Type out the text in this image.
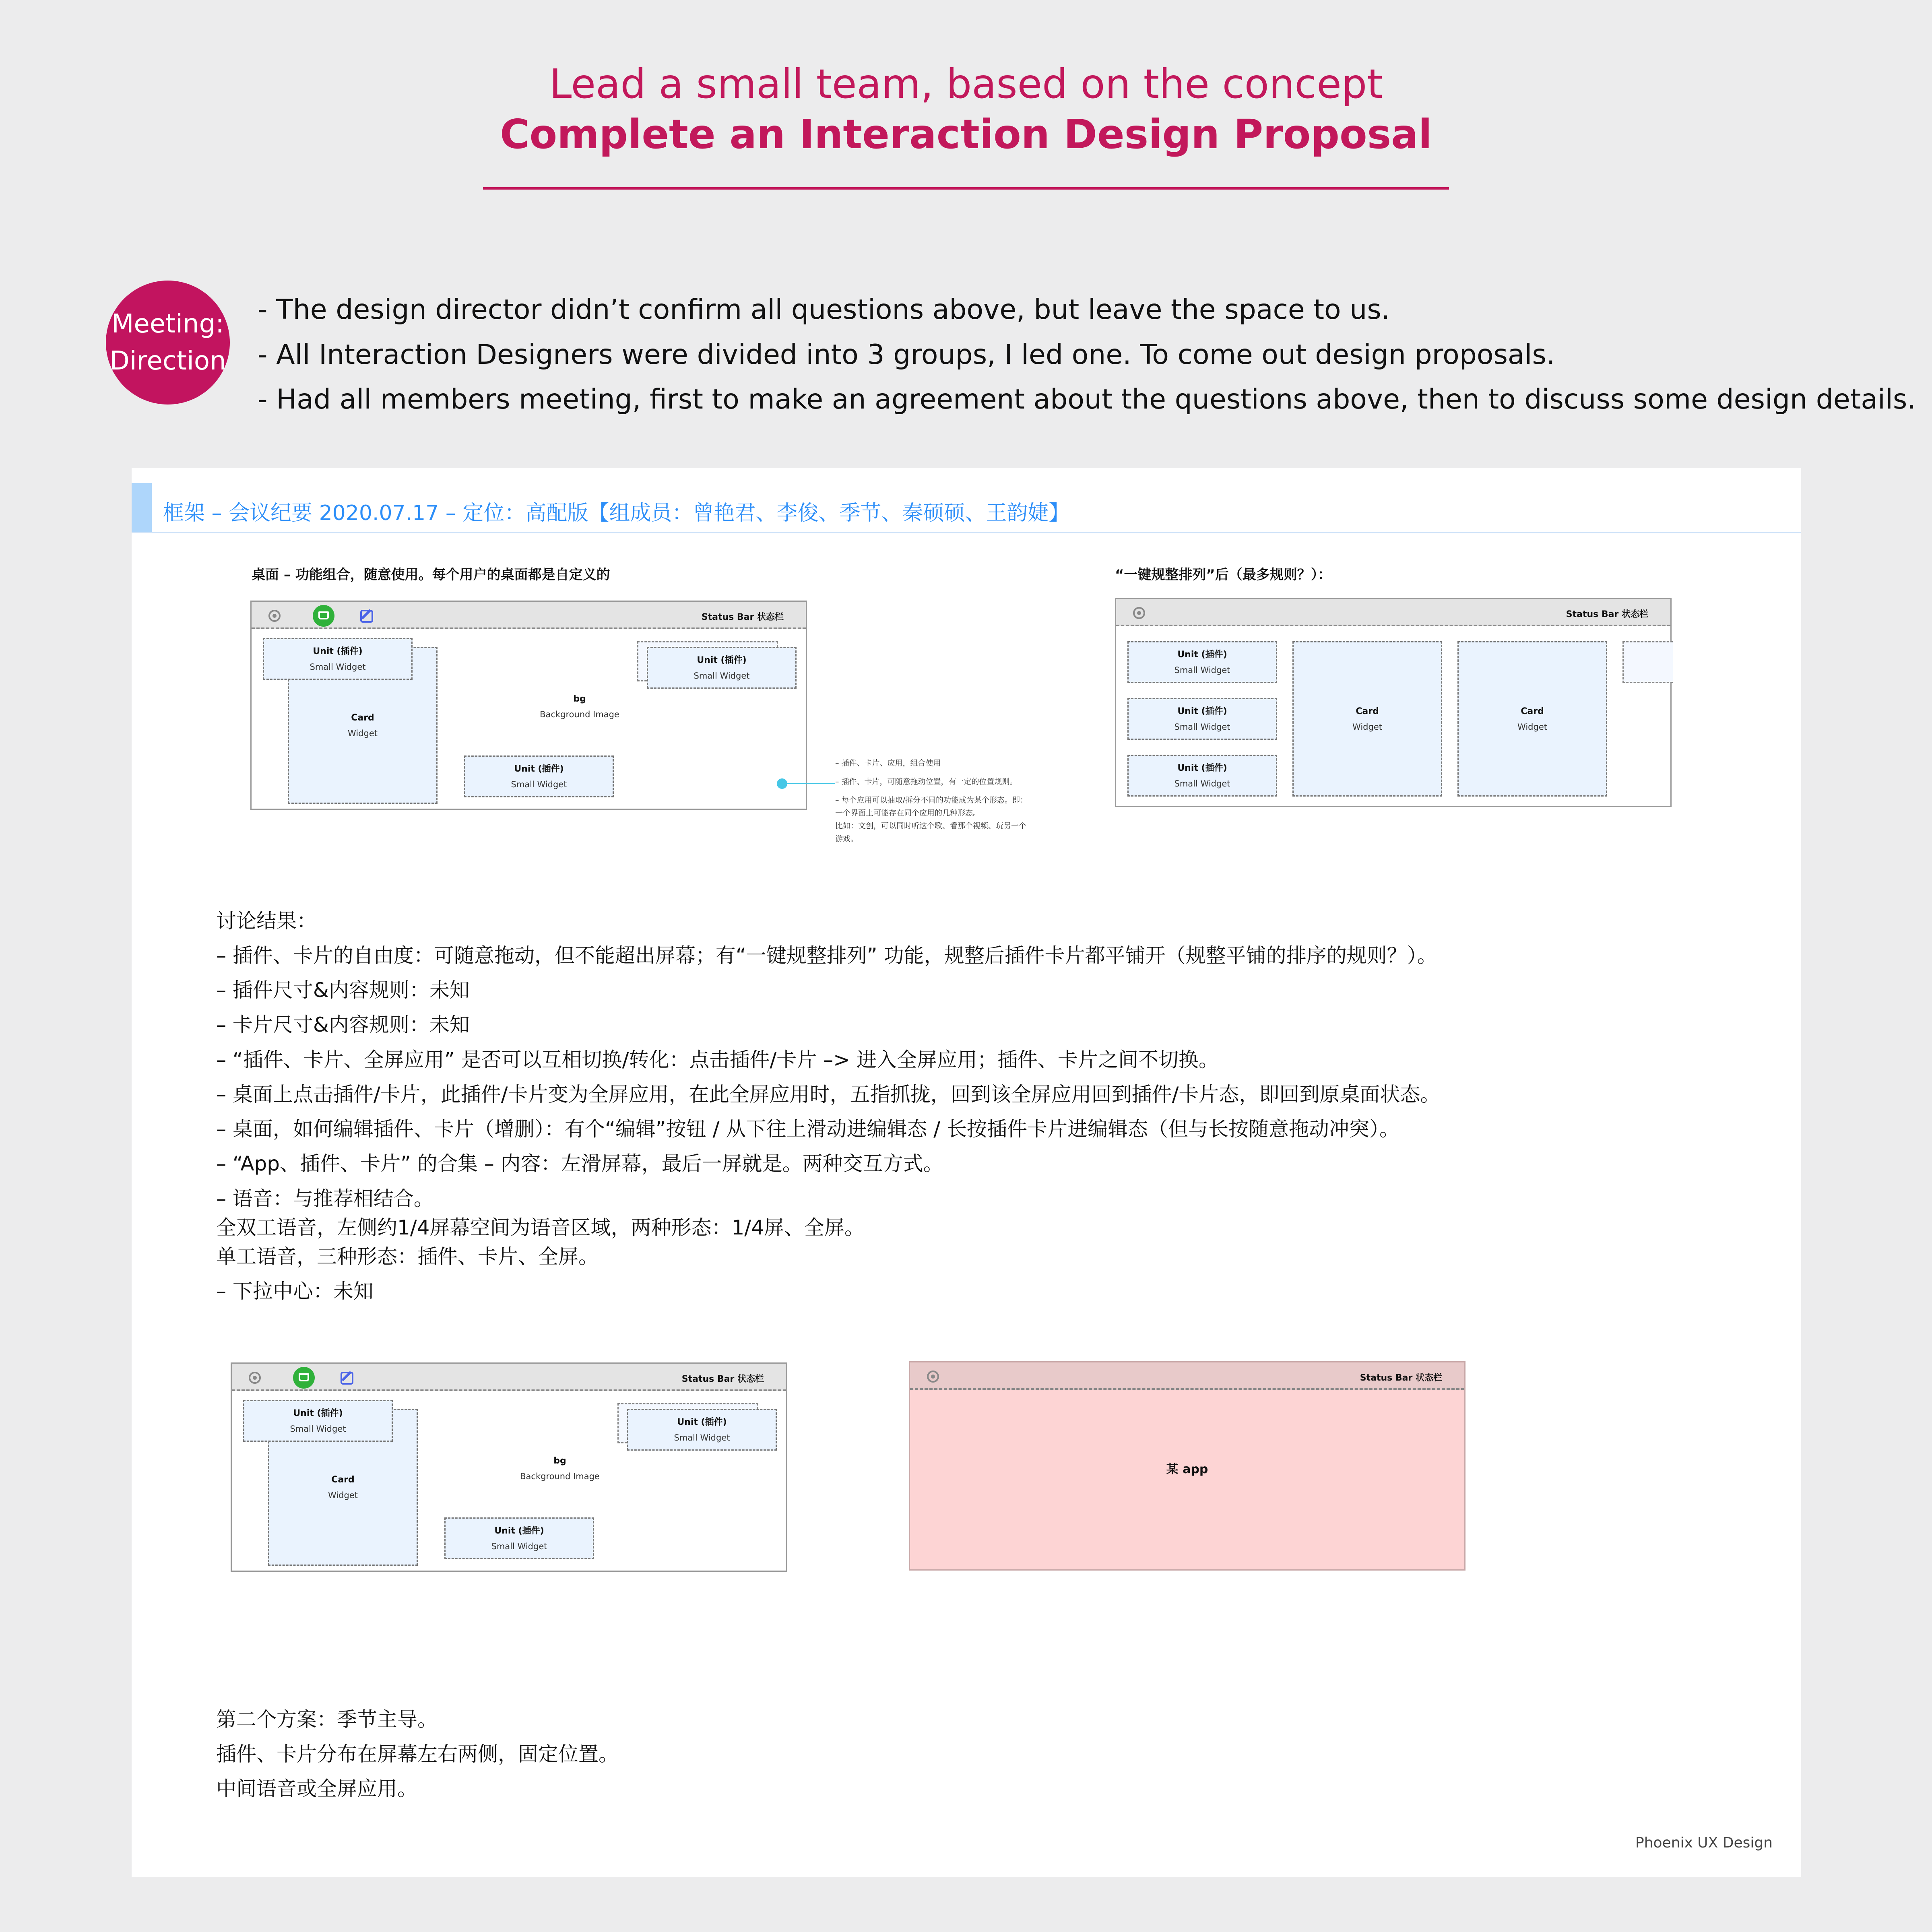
Lead a small team, based on the concept
Complete an Interaction Design Proposal
Meeting:
Direction
- The design director didn’t confirm all questions above, but leave the space to us.
- All Interaction Designers were divided into 3 groups, I led one. To come out design proposals.
- Had all members meeting, first to make an agreement about the questions above, then to discuss some design details.
框架 – 会议纪要 2020.07.17 – 定位：高配版【组成员：曾艳君、李俊、季节、秦硕硕、王韵婕】
桌面 – 功能组合，随意使用。每个用户的桌面都是自定义的	“一键规整排列”后（最多规则？）：
Status Bar 状态栏
Card
Widget
Unit (插件)
Small Widget
Unit (插件)
Small Widget
bg
Background Image
Unit (插件)
Small Widget
– 插件、卡片、应用，组合使用
– 插件、卡片，可随意拖动位置，有一定的位置规则。
– 每个应用可以抽取/拆分不同的功能成为某个形态。即：
一个界面上可能存在同个应用的几种形态。
比如：文创，可以同时听这个歌、看那个视频、玩另一个
游戏。
Status Bar 状态栏
Unit (插件)
Small Widget
Unit (插件)
Small Widget
Unit (插件)
Small Widget
Card
Widget
Card
Widget
讨论结果：
– 插件、卡片的自由度：可随意拖动，但不能超出屏幕；有“一键规整排列” 功能，规整后插件卡片都平铺开（规整平铺的排序的规则？）。
– 插件尺寸&内容规则：未知
– 卡片尺寸&内容规则：未知
– “插件、卡片、全屏应用” 是否可以互相切换/转化：点击插件/卡片 –> 进入全屏应用；插件、卡片之间不切换。
– 桌面上点击插件/卡片，此插件/卡片变为全屏应用，在此全屏应用时，五指抓拢，回到该全屏应用回到插件/卡片态，即回到原桌面状态。
– 桌面，如何编辑插件、卡片（增删）：有个“编辑”按钮 / 从下往上滑动进编辑态 / 长按插件卡片进编辑态（但与长按随意拖动冲突）。
– “App、插件、卡片” 的合集 – 内容：左滑屏幕，最后一屏就是。两种交互方式。
– 语音：与推荐相结合。
全双工语音，左侧约1/4屏幕空间为语音区域，两种形态：1/4屏、全屏。
单工语音，三种形态：插件、卡片、全屏。
– 下拉中心：未知
Status Bar 状态栏
Card
Widget
Unit (插件)
Small Widget
Unit (插件)
Small Widget
bg
Background Image
Unit (插件)
Small Widget
Status Bar 状态栏
某 app
第二个方案：季节主导。
插件、卡片分布在屏幕左右两侧，固定位置。
中间语音或全屏应用。
Phoenix UX Design
